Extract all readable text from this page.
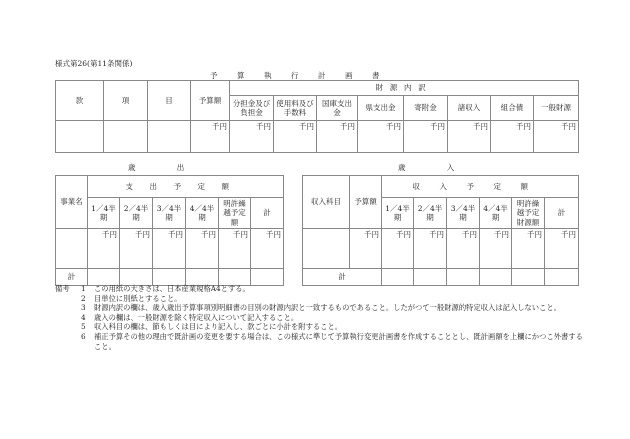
様式第26(第11条関係)
予算執行計画書
款	項	目	予算額	財源内訳							
				分担金及び負担金	使用料及び手数料	国庫支出金	県支出金	寄附金	諸収入	組合債	一般財源
			千円	千円	千円	千円	千円	千円	千円	千円	千円
歳出
事業名	支出予定額					
	1／4半期	2／4半期	3／4半期	4／4半期	明許繰越予定額	計
	千円	千円	千円	千円	千円	千円
計						
歳入
収入科目	予算額	収入予定額					
		1／4半期	2／4半期	3／4半期	4／4半期	明許繰越予定財源額	計
	千円	千円	千円	千円	千円	千円	千円
計							
備考	1	この用紙の大きさは、日本産業規格A4とする。
2	目単位に別紙とすること。
3	財源内訳の欄は、歳入歳出予算事項別明細書の目別の財源内訳と一致するものであること。したがつて一般財源的特定収入は記入しないこと。
4	歳入の欄は、一般財源を除く特定収入について記入すること。
5	収入科目の欄は、節もしくは目により記入し、款ごとに小計を附すること。
6	補正予算その他の理由で既計画の変更を要する場合は、この様式に準じて予算執行変更計画書を作成することとし、既計画額を上欄にかつこ外書すること。
